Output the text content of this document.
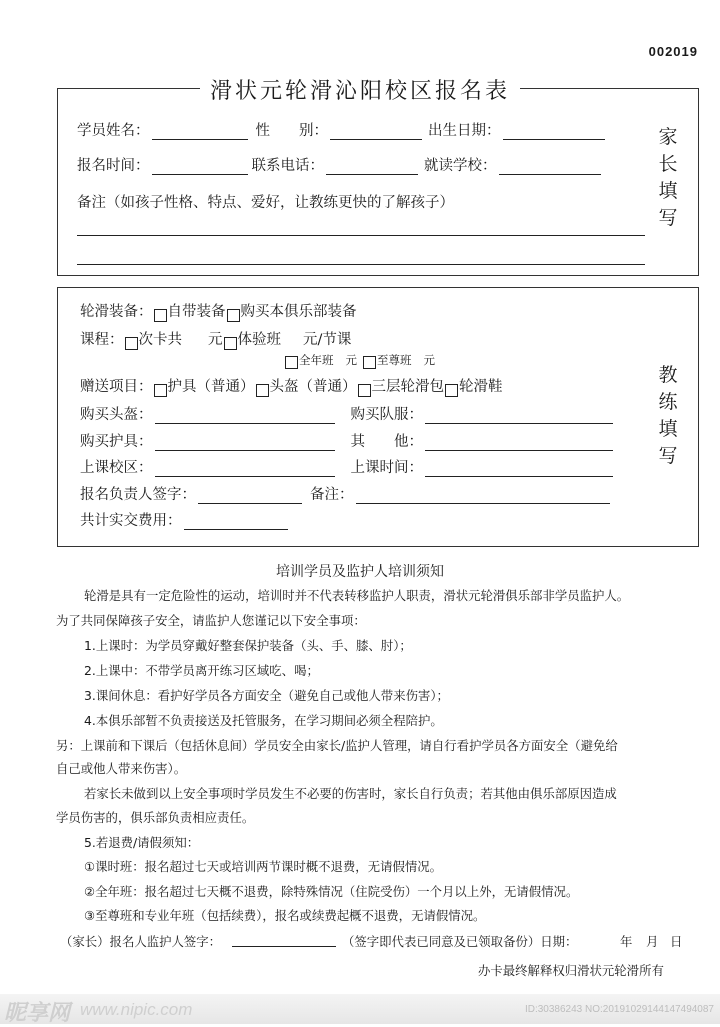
002019
滑状元轮滑沁阳校区报名表
学员姓名：	性　　别：	出生日期：
报名时间：	联系电话：	就读学校：
备注（如孩子性格、特点、爱好，让教练更快的了解孩子）
家
长
填
写
轮滑装备： 自带装备 购买本俱乐部装备
课程： 次卡共 元 体验班 元/节课
全年班 元 至尊班 元
赠送项目： 护具（普通） 头盔（普通） 三层轮滑包 轮滑鞋
购买头盔：	购买队服：
购买护具：	其　　他：
上课校区：	上课时间：
报名负责人签字：	备注：
共计实交费用：
教
练
填
写

培训学员及监护人培训须知

轮滑是具有一定危险性的运动，培训时并不代表转移监护人职责，滑状元轮滑俱乐部非学员监护人。

为了共同保障孩子安全，请监护人您谨记以下安全事项：

1.上课时：为学员穿戴好整套保护装备（头、手、膝、肘）；

2.上课中：不带学员离开练习区域吃、喝；

3.课间休息：看护好学员各方面安全（避免自己或他人带来伤害）；

4.本俱乐部暂不负责接送及托管服务，在学习期间必须全程陪护。

另：上课前和下课后（包括休息间）学员安全由家长/监护人管理，请自行看护学员各方面安全（避免给

自己或他人带来伤害）。

若家长未做到以上安全事项时学员发生不必要的伤害时，家长自行负责；若其他由俱乐部原因造成

学员伤害的，俱乐部负责相应责任。

5.若退费/请假须知：

①课时班：报名超过七天或培训两节课时概不退费，无请假情况。

②全年班：报名超过七天概不退费，除特殊情况（住院受伤）一个月以上外，无请假情况。

③至尊班和专业年班（包括续费），报名或续费起概不退费，无请假情况。

（家长）报名人监护人签字：	（签字即代表已同意及已领取备份）日期：	年 月 日

办卡最终解释权归滑状元轮滑所有

昵享网 www.nipic.com	ID:30386243 NO:20191029144147494087
